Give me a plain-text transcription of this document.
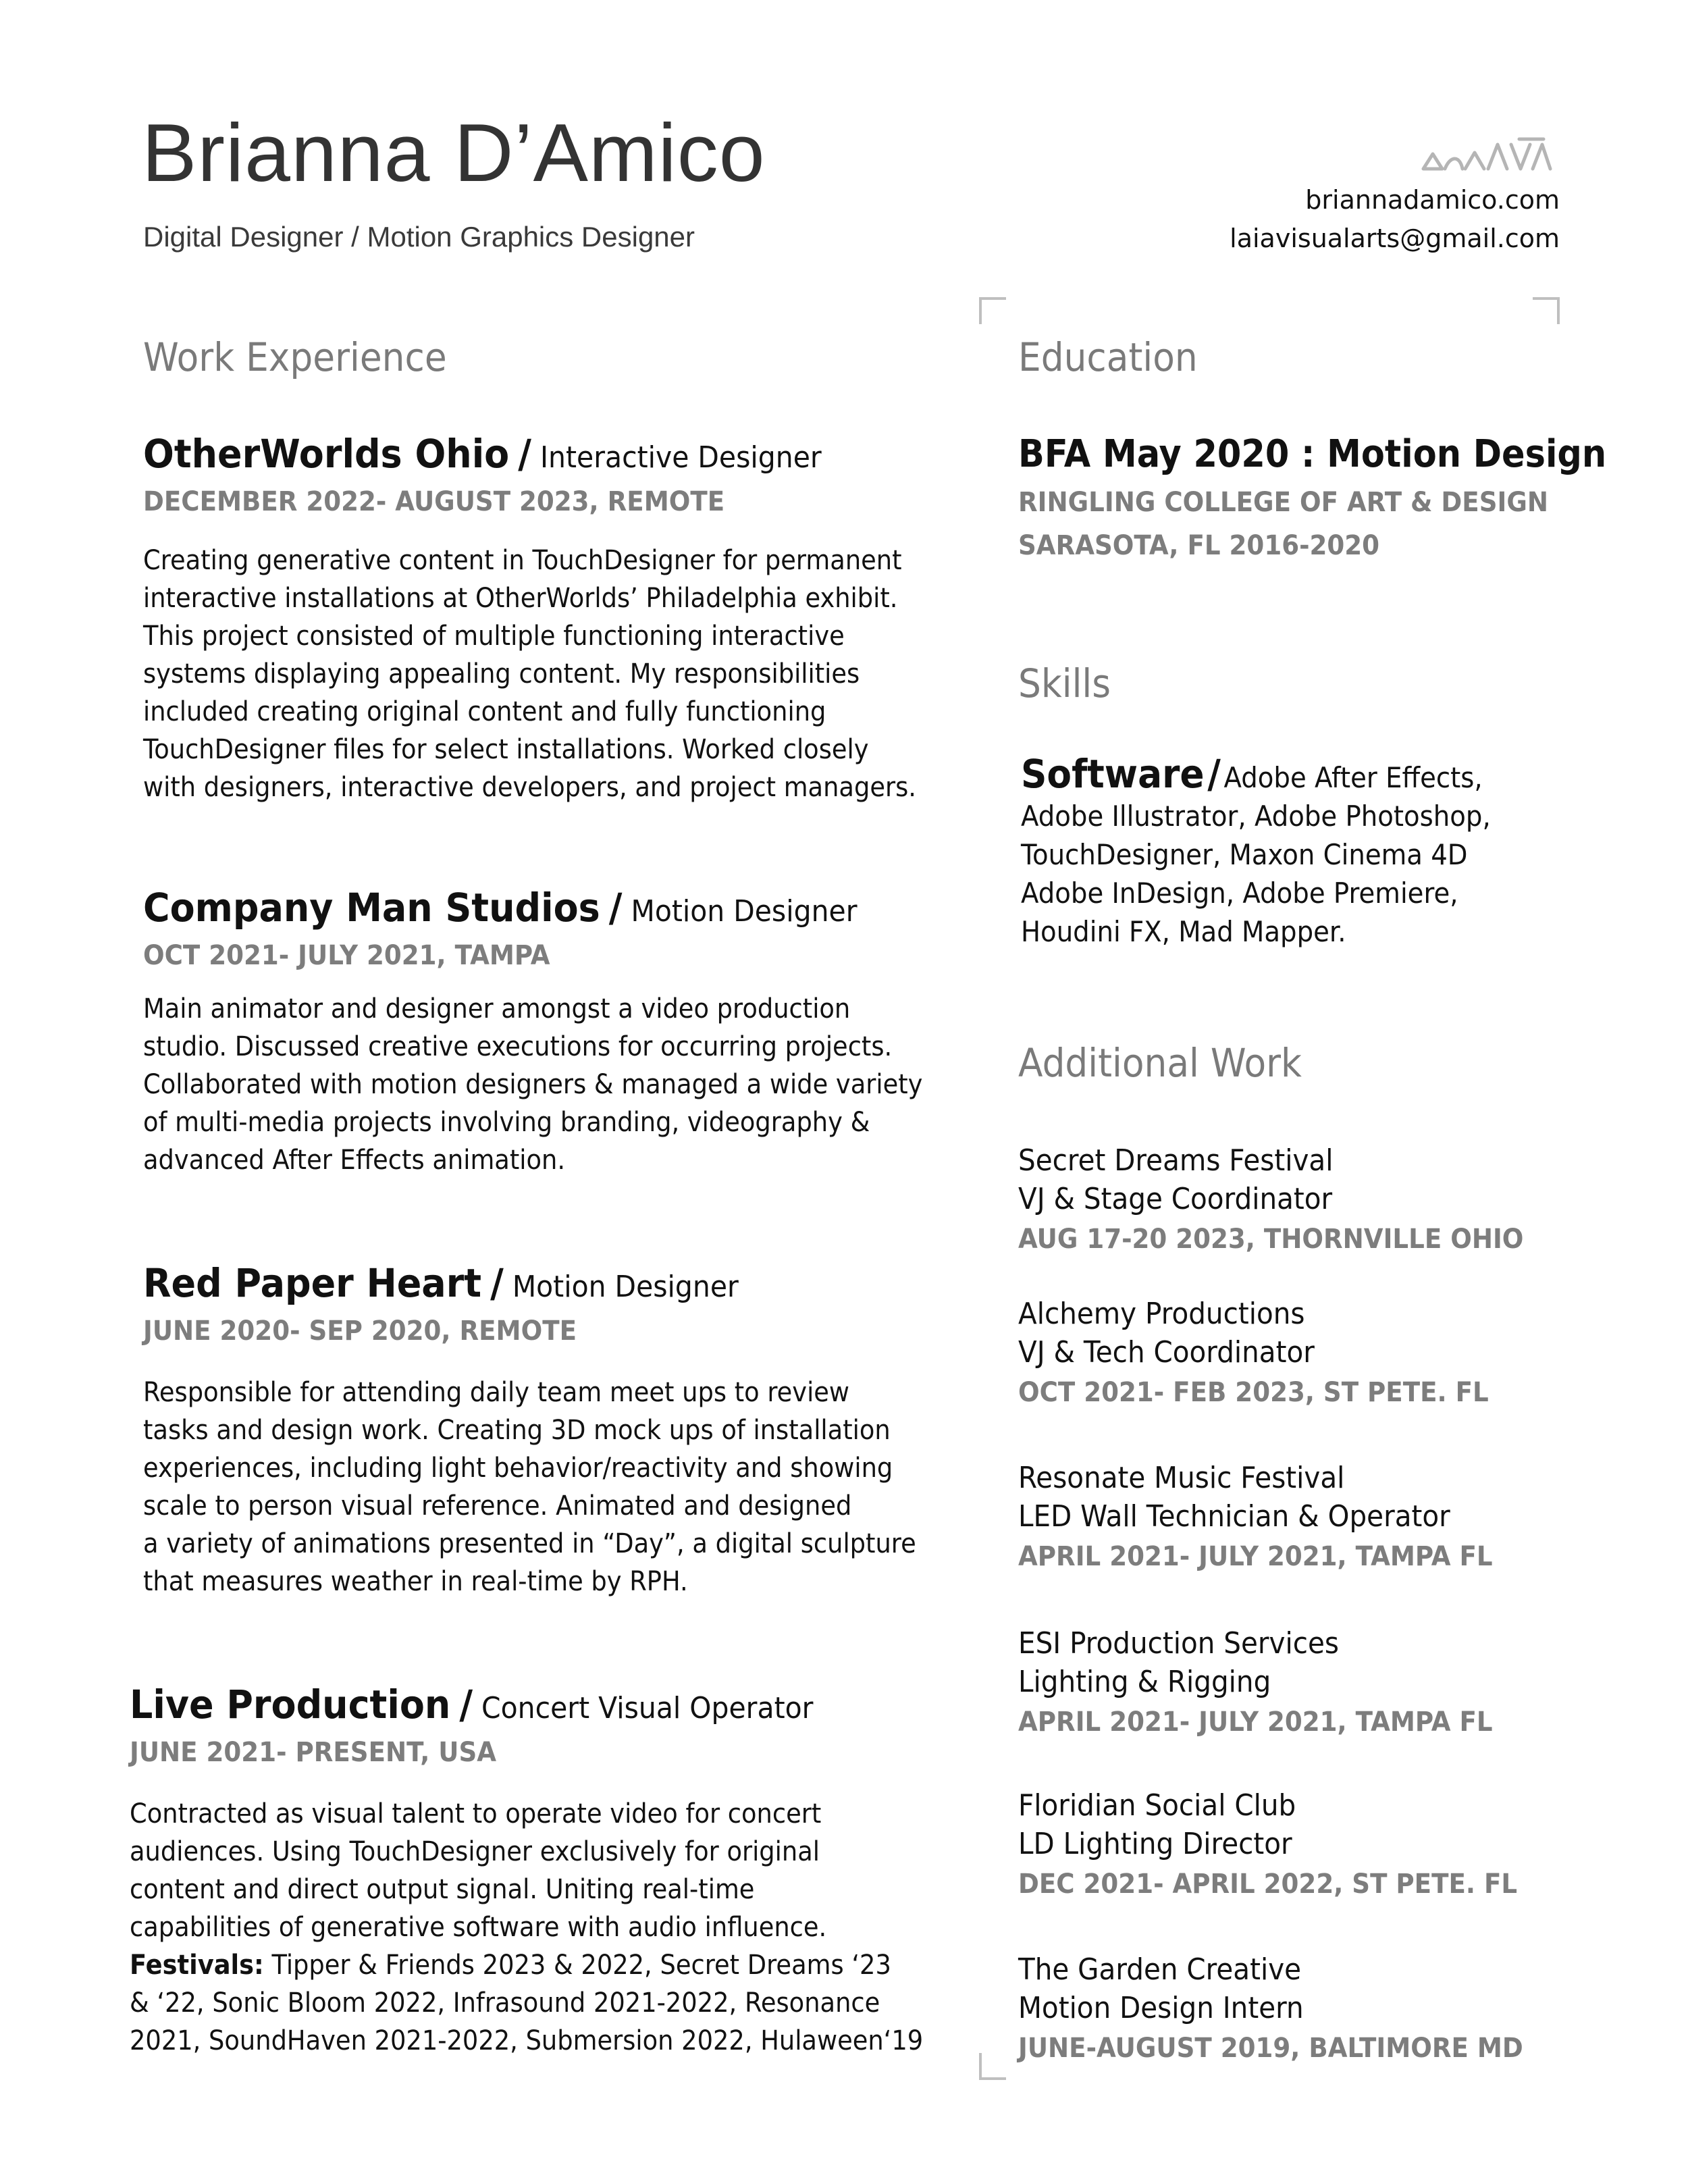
Brianna D’Amico
Digital Designer / Motion Graphics Designer
briannadamico.com
laiavisualarts@gmail.com
Work Experience
OtherWorlds Ohio / Interactive Designer
DECEMBER 2022- AUGUST 2023, REMOTE
Creating generative content in TouchDesigner for permanent
interactive installations at OtherWorlds’ Philadelphia exhibit.
This project consisted of multiple functioning interactive
systems displaying appealing content. My responsibilities
included creating original content and fully functioning
TouchDesigner files for select installations. Worked closely
with designers, interactive developers, and project managers.
Company Man Studios / Motion Designer
OCT 2021- JULY 2021, TAMPA
Main animator and designer amongst a video production
studio. Discussed creative executions for occurring projects.
Collaborated with motion designers & managed a wide variety
of multi-media projects involving branding, videography &
advanced After Effects animation.
Red Paper Heart / Motion Designer
JUNE 2020- SEP 2020, REMOTE
Responsible for attending daily team meet ups to review
tasks and design work. Creating 3D mock ups of installation
experiences, including light behavior/reactivity and showing
scale to person visual reference. Animated and designed
a variety of animations presented in “Day”, a digital sculpture
that measures weather in real-time by RPH.
Live Production / Concert Visual Operator
JUNE 2021- PRESENT, USA
Contracted as visual talent to operate video for concert
audiences. Using TouchDesigner exclusively for original
content and direct output signal. Uniting real-time
capabilities of generative software with audio influence.
Festivals: Tipper & Friends 2023 & 2022, Secret Dreams ‘23
& ‘22, Sonic Bloom 2022, Infrasound 2021-2022, Resonance
2021, SoundHaven 2021-2022, Submersion 2022, Hulaween‘19
Education
BFA May 2020 : Motion Design
RINGLING COLLEGE OF ART & DESIGN
SARASOTA, FL 2016-2020
Skills
Software / Adobe After Effects,
Adobe Illustrator, Adobe Photoshop,
TouchDesigner, Maxon Cinema 4D
Adobe InDesign, Adobe Premiere,
Houdini FX, Mad Mapper.
Additional Work
Secret Dreams Festival
VJ & Stage Coordinator
AUG 17-20 2023, THORNVILLE OHIO
Alchemy Productions
VJ & Tech Coordinator
OCT 2021- FEB 2023, ST PETE. FL
Resonate Music Festival
LED Wall Technician & Operator
APRIL 2021- JULY 2021, TAMPA FL
ESI Production Services
Lighting & Rigging
APRIL 2021- JULY 2021, TAMPA FL
Floridian Social Club
LD Lighting Director
DEC 2021- APRIL 2022, ST PETE. FL
The Garden Creative
Motion Design Intern
JUNE-AUGUST 2019, BALTIMORE MD
